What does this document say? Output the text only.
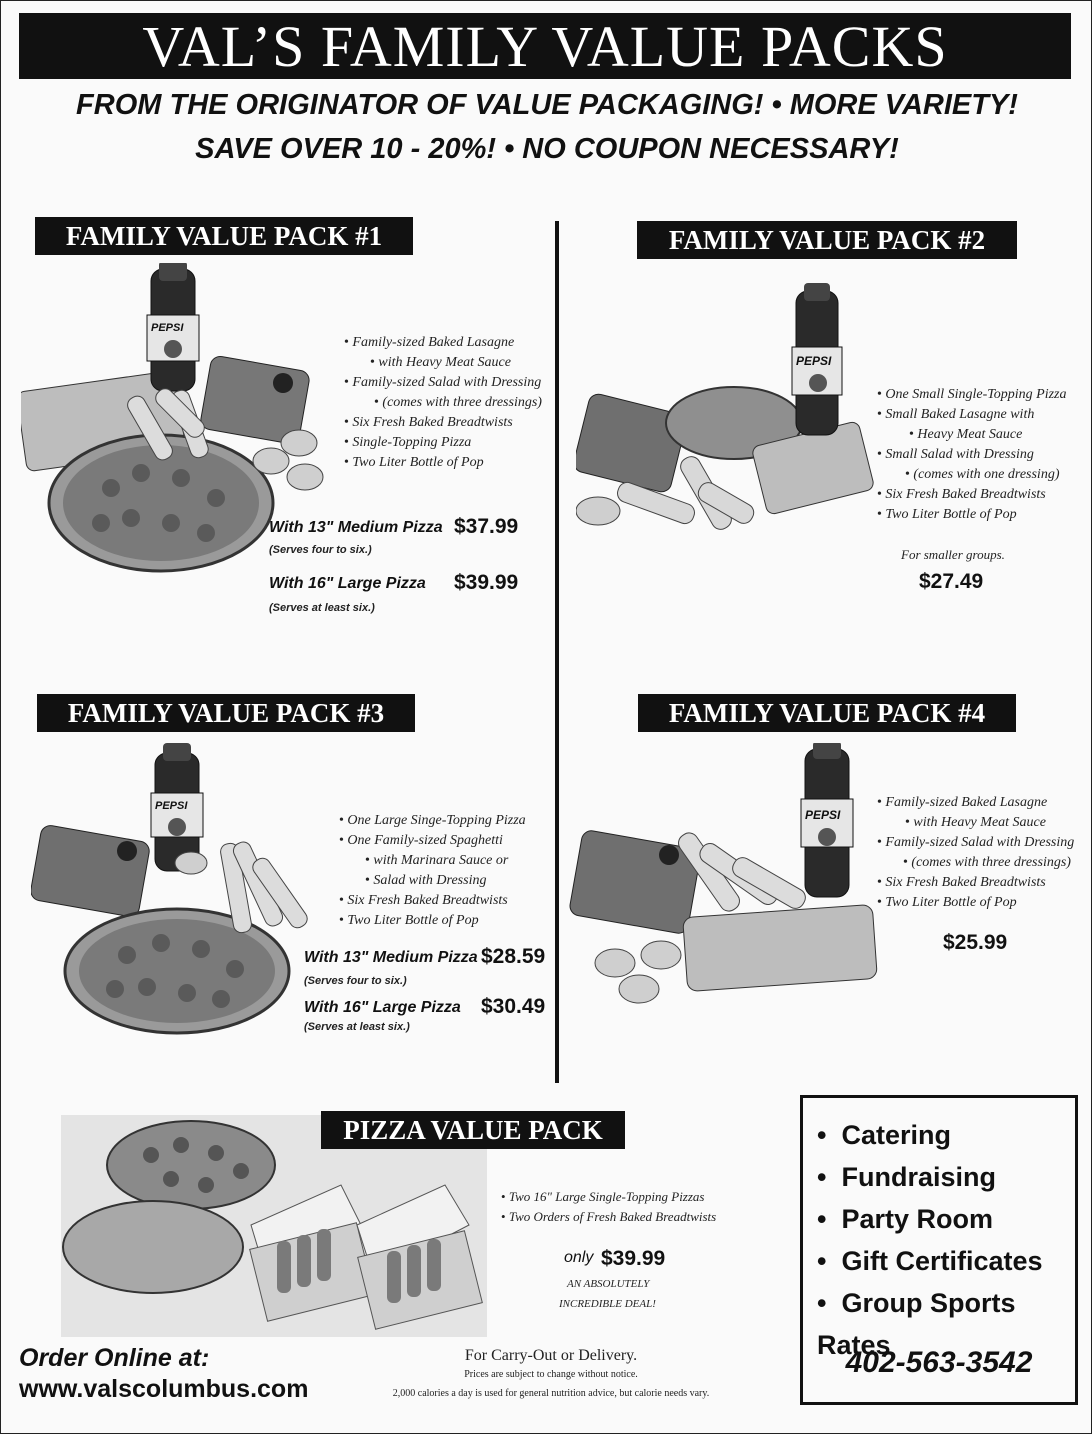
VAL’S FAMILY VALUE PACKS
FROM THE ORIGINATOR OF VALUE PACKAGING! • MORE VARIETY!
SAVE OVER 10 - 20%! • NO COUPON NECESSARY!
FAMILY VALUE PACK #1
PEPSI
• Family-sized Baked Lasagne
• with Heavy Meat Sauce
• Family-sized Salad with Dressing
• (comes with three dressings)
• Six Fresh Baked Breadtwists
• Single-Topping Pizza
• Two Liter Bottle of Pop
With 13" Medium Pizza
(Serves four to six.)
$37.99
With 16" Large Pizza
(Serves at least six.)
$39.99
FAMILY VALUE PACK #2
PEPSI
• One Small Single-Topping Pizza
• Small Baked Lasagne with
• Heavy Meat Sauce
• Small Salad with Dressing
• (comes with one dressing)
• Six Fresh Baked Breadtwists
• Two Liter Bottle of Pop
For smaller groups.
$27.49
FAMILY VALUE PACK #3
PEPSI
• One Large Singe-Topping Pizza
• One Family-sized Spaghetti
• with Marinara Sauce or
• Salad with Dressing
• Six Fresh Baked Breadtwists
• Two Liter Bottle of Pop
With 13" Medium Pizza
(Serves four to six.)
$28.59
With 16" Large Pizza
(Serves at least six.)
$30.49
FAMILY VALUE PACK #4
PEPSI
• Family-sized Baked Lasagne
• with Heavy Meat Sauce
• Family-sized Salad with Dressing
• (comes with three dressings)
• Six Fresh Baked Breadtwists
• Two Liter Bottle of Pop
$25.99
PIZZA VALUE PACK
• Two 16" Large Single-Topping Pizzas
• Two Orders of Fresh Baked Breadtwists
only $39.99
AN ABSOLUTELY
INCREDIBLE DEAL!
•  Catering
•  Fundraising
•  Party Room
•  Gift Certificates
•  Group Sports Rates
402-563-3542
Order Online at:
www.valscolumbus.com
For Carry-Out or Delivery.
Prices are subject to change without notice.
2,000 calories a day is used for general nutrition advice, but calorie needs vary.
